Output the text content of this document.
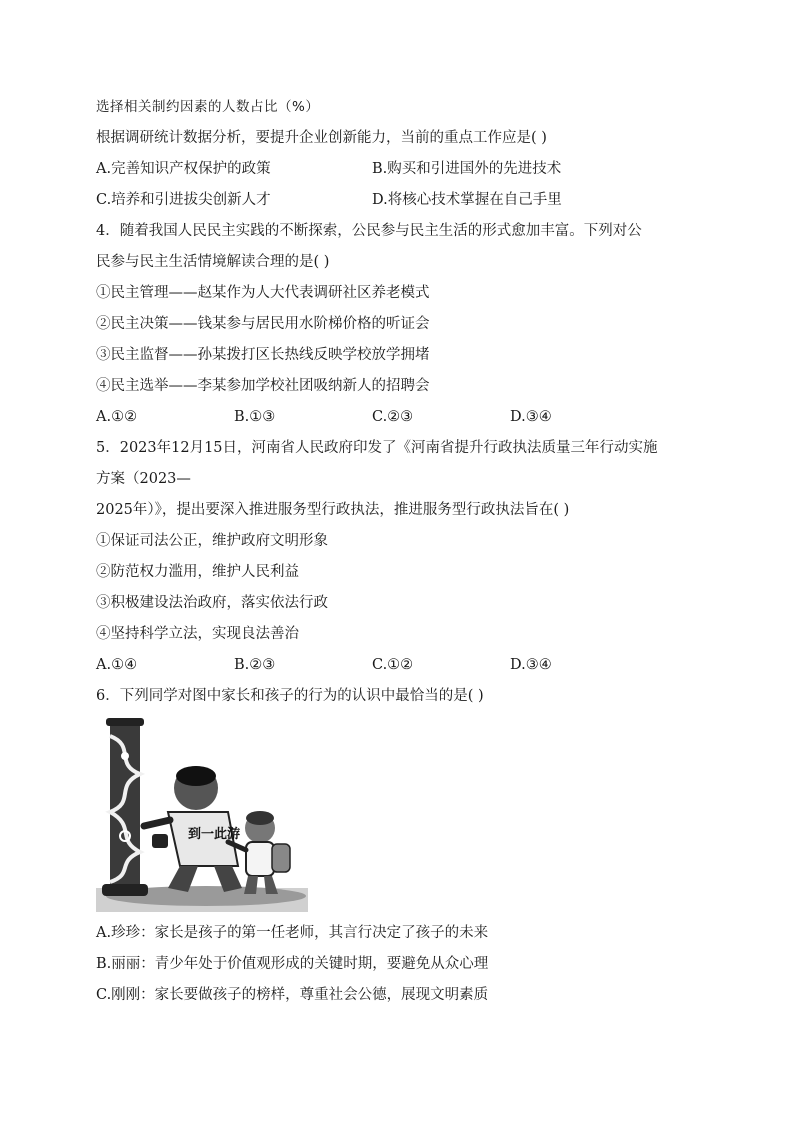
选择相关制约因素的人数占比（%）
根据调研统计数据分析，要提升企业创新能力，当前的重点工作应是( )
A.完善知识产权保护的政策	B.购买和引进国外的先进技术
C.培养和引进拔尖创新人才	D.将核心技术掌握在自己手里
4．随着我国人民民主实践的不断探索，公民参与民主生活的形式愈加丰富。下列对公
民参与民主生活情境解读合理的是( )
①民主管理——赵某作为人大代表调研社区养老模式
②民主决策——钱某参与居民用水阶梯价格的听证会
③民主监督——孙某拨打区长热线反映学校放学拥堵
④民主选举——李某参加学校社团吸纳新人的招聘会
A.①②	B.①③	C.②③	D.③④
5．2023年12月15日，河南省人民政府印发了《河南省提升行政执法质量三年行动实施
方案（2023—
2025年）》，提出要深入推进服务型行政执法，推进服务型行政执法旨在( )
①保证司法公正，维护政府文明形象
②防范权力滥用，维护人民利益
③积极建设法治政府，落实依法行政
④坚持科学立法，实现良法善治
A.①④	B.②③	C.①②	D.③④
6．下列同学对图中家长和孩子的行为的认识中最恰当的是( )
到一此游
A.珍珍：家长是孩子的第一任老师，其言行决定了孩子的未来
B.丽丽：青少年处于价值观形成的关键时期，要避免从众心理
C.刚刚：家长要做孩子的榜样，尊重社会公德，展现文明素质
